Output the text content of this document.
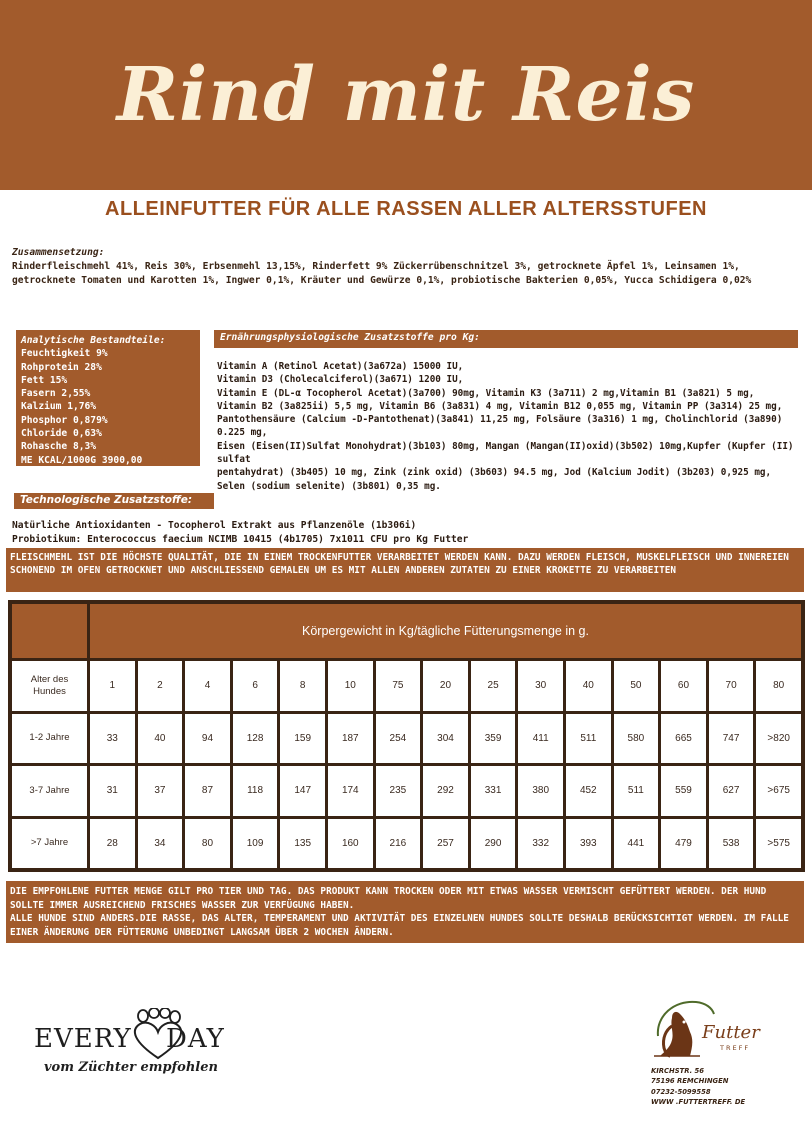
Rind mit Reis
ALLEINFUTTER FÜR ALLE RASSEN ALLER ALTERSSTUFEN
Zusammensetzung:
Rinderfleischmehl 41%, Reis 30%, Erbsenmehl 13,15%, Rinderfett 9% Zückerrübenschnitzel 3%, getrocknete Äpfel 1%, Leinsamen 1%, getrocknete Tomaten und Karotten 1%, Ingwer 0,1%, Kräuter und Gewürze 0,1%, probiotische Bakterien 0,05%, Yucca Schidigera 0,02%
Analytische Bestandteile:
Feuchtigkeit 9%
Rohprotein 28%
Fett 15%
Fasern 2,55%
Kalzium 1,76%
Phosphor 0,879%
Chloride 0,63%
Rohasche 8,3%
ME KCAL/1000G 3900,00
Ernährungsphysiologische Zusatzstoffe pro Kg:
Vitamin A (Retinol Acetat)(3a672a) 15000 IU,
Vitamin D3 (Cholecalciferol)(3a671) 1200 IU,
Vitamin E (DL-α Tocopherol Acetat)(3a700) 90mg, Vitamin K3 (3a711) 2 mg,Vitamin B1 (3a821) 5 mg,
Vitamin B2 (3a825ii) 5,5 mg, Vitamin B6 (3a831) 4 mg, Vitamin B12 0,055 mg, Vitamin PP (3a314) 25 mg,
Pantothensäure (Calcium -D-Pantothenat)(3a841) 11,25 mg, Folsäure (3a316) 1 mg, Cholinchlorid (3a890) 0.225 mg,
Eisen (Eisen(II)Sulfat Monohydrat)(3b103) 80mg, Mangan (Mangan(II)oxid)(3b502) 10mg,Kupfer (Kupfer (II) sulfat
pentahydrat) (3b405) 10 mg, Zink (zink oxid) (3b603) 94.5 mg, Jod (Kalcium Jodit) (3b203) 0,925 mg,
Selen (sodium selenite) (3b801) 0,35 mg.
Technologische Zusatzstoffe:
Natürliche Antioxidanten - Tocopherol Extrakt aus Pflanzenöle (1b306i)
Probiotikum: Enterococcus faecium NCIMB 10415 (4b1705) 7x1011 CFU pro Kg Futter
FLEISCHMEHL IST DIE HÖCHSTE QUALITÄT, DIE IN EINEM TROCKENFUTTER VERARBEITET WERDEN KANN. DAZU WERDEN FLEISCH, MUSKELFLEISCH UND INNEREIEN SCHONEND IM OFEN GETROCKNET UND ANSCHLIESSEND GEMALEN UM ES MIT ALLEN ANDEREN ZUTATEN ZU EINER KROKETTE ZU VERARBEITEN
Körpergewicht in Kg/tägliche Fütterungsmenge in g.
Alter des Hundes	1	2	4	6	8	10	75	20	25	30	40	50	60	70	80
1-2 Jahre	33	40	94	128	159	187	254	304	359	411	511	580	665	747	>820
3-7 Jahre	31	37	87	118	147	174	235	292	331	380	452	511	559	627	>675
>7 Jahre	28	34	80	109	135	160	216	257	290	332	393	441	479	538	>575
DIE EMPFOHLENE FUTTER MENGE GILT PRO TIER UND TAG. DAS PRODUKT KANN TROCKEN ODER MIT ETWAS WASSER VERMISCHT GEFÜTTERT WERDEN. DER HUND SOLLTE IMMER AUSREICHEND FRISCHES WASSER ZUR VERFÜGUNG HABEN.
ALLE HUNDE SIND ANDERS.DIE RASSE, DAS ALTER, TEMPERAMENT UND AKTIVITÄT DES EINZELNEN HUNDES SOLLTE DESHALB BERÜCKSICHTIGT WERDEN. IM FALLE EINER ÄNDERUNG DER FÜTTERUNG UNBEDINGT LANGSAM ÜBER 2 WOCHEN ÄNDERN.
EVERY DAY
vom Züchter empfohlen
Futter
TREFF
KIRCHSTR. 56
75196 REMCHINGEN
07232-5099558
WWW .FUTTERTREFF. DE
